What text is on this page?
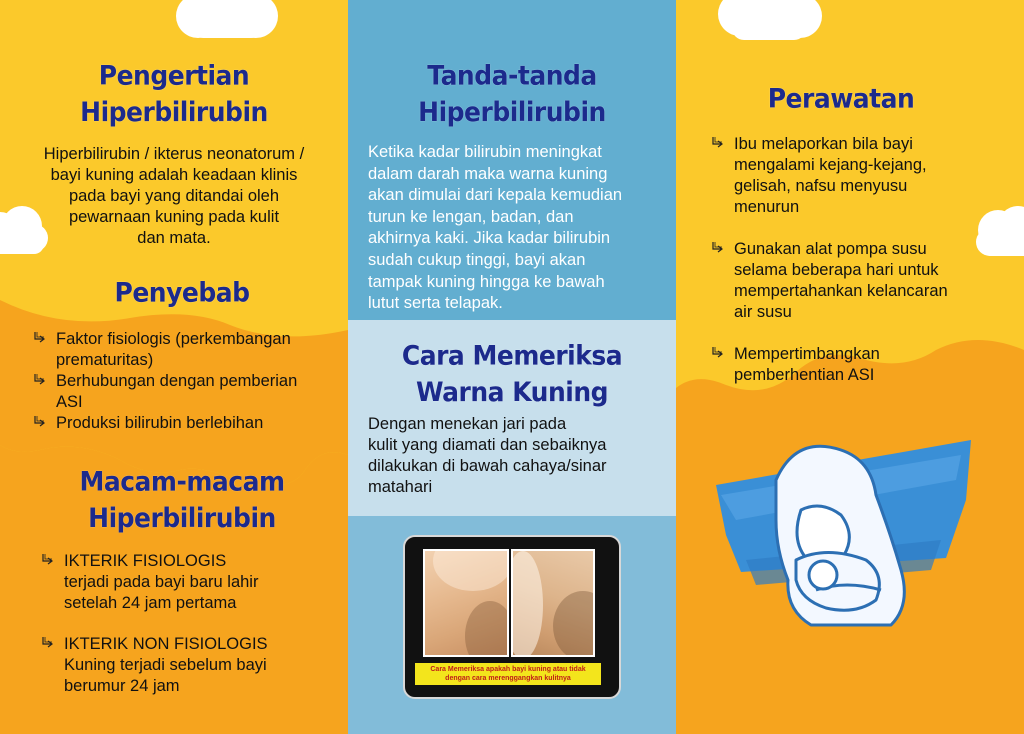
Pengertian
Hiperbilirubin
Hiperbilirubin / ikterus neonatorum /
bayi kuning adalah keadaan klinis
pada bayi yang ditandai oleh
pewarnaan kuning pada kulit
dan mata.
Penyebab
Faktor fisiologis (perkembangan
prematuritas)
Berhubungan dengan pemberian
ASI
Produksi bilirubin berlebihan
Macam-macam
Hiperbilirubin
IKTERIK FISIOLOGIS
terjadi pada bayi baru lahir
setelah 24 jam pertama
IKTERIK NON FISIOLOGIS
Kuning terjadi sebelum bayi
berumur 24 jam
Tanda-tanda
Hiperbilirubin
Ketika kadar bilirubin meningkat
dalam darah maka warna kuning
akan dimulai dari kepala kemudian
turun ke lengan, badan, dan
akhirnya kaki. Jika kadar bilirubin
sudah cukup tinggi, bayi akan
tampak kuning hingga ke bawah
lutut serta telapak.
Cara Memeriksa
Warna Kuning
Dengan menekan jari pada
kulit yang diamati dan sebaiknya
dilakukan di bawah cahaya/sinar
matahari
Cara Memeriksa apakah bayi kuning atau tidak
dengan cara merenggangkan kulitnya
Perawatan
Ibu melaporkan bila bayi
mengalami kejang-kejang,
gelisah, nafsu menyusu
menurun
Gunakan alat pompa susu
selama beberapa hari untuk
mempertahankan kelancaran
air susu
Mempertimbangkan
pemberhentian ASI
